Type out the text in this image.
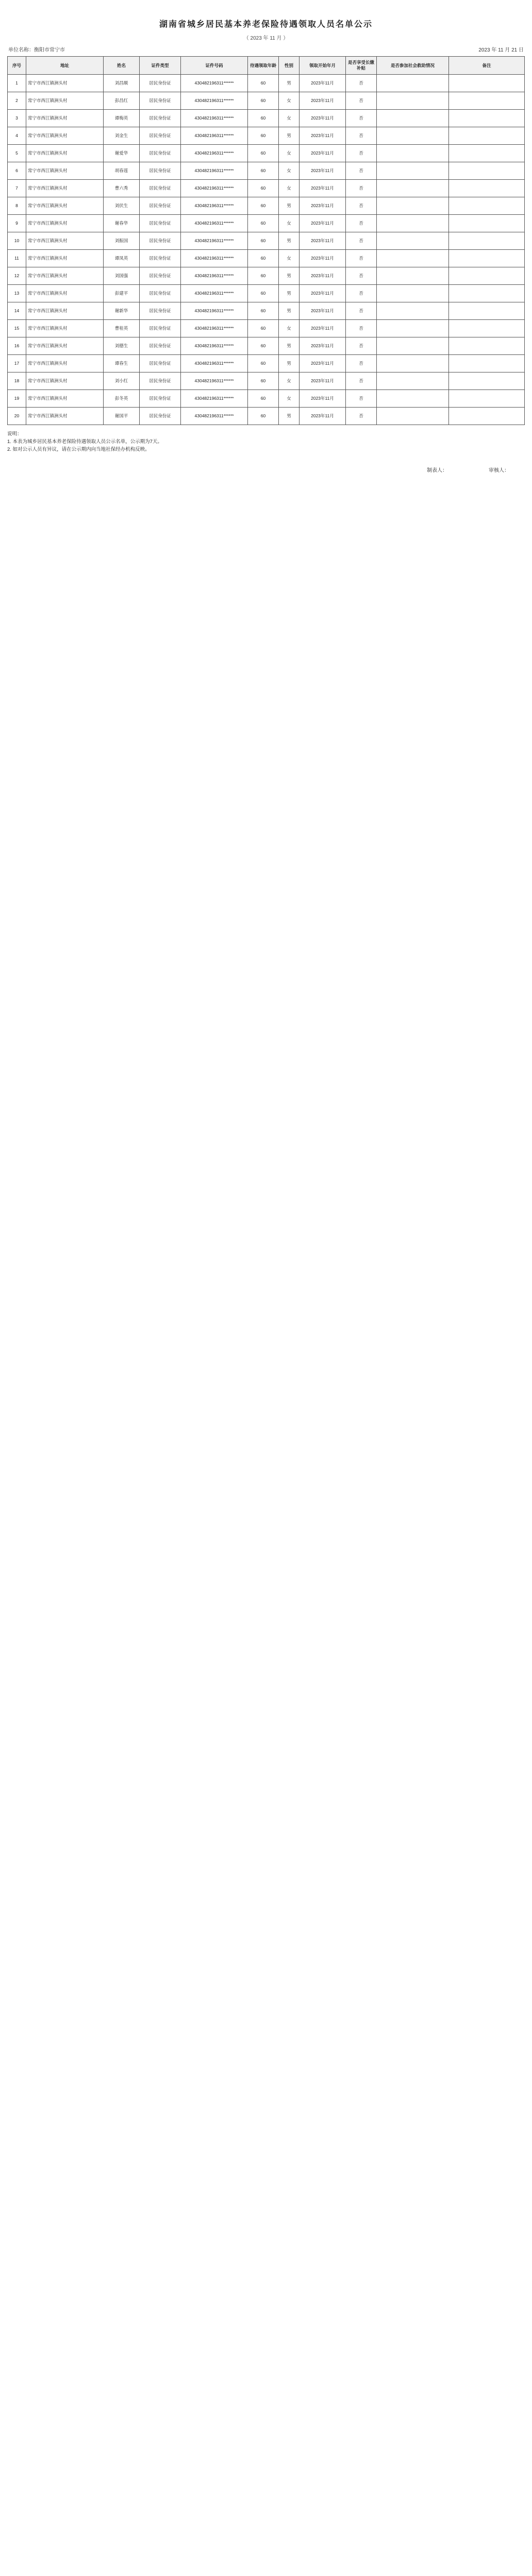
湖南省城乡居民基本养老保险待遇领取人员名单公示
（ 2023 年 11 月 ）
单位名称：衡阳市常宁市	2023 年 11 月 21 日
序号	地址	姓名	证件类型	证件号码	待遇领取年龄	性别	领取开始年月	是否享受长缴补贴	是否参加社会救助情况	备注
1	常宁市西江镇洲头村	刘昌顺	居民身份证	430482196311******	60	男	2023年11月	否		
2	常宁市西江镇洲头村	彭昌红	居民身份证	430482196311******	60	女	2023年11月	否		
3	常宁市西江镇洲头村	谭梅英	居民身份证	430482196311******	60	女	2023年11月	否		
4	常宁市西江镇洲头村	刘金生	居民身份证	430482196311******	60	男	2023年11月	否		
5	常宁市西江镇洲头村	谢爱华	居民身份证	430482196311******	60	女	2023年11月	否		
6	常宁市西江镇洲头村	胡春莲	居民身份证	430482196311******	60	女	2023年11月	否		
7	常宁市西江镇洲头村	曹六秀	居民身份证	430482196311******	60	女	2023年11月	否		
8	常宁市西江镇洲头村	刘伏生	居民身份证	430482196311******	60	男	2023年11月	否		
9	常宁市西江镇洲头村	谢春华	居民身份证	430482196311******	60	女	2023年11月	否		
10	常宁市西江镇洲头村	刘振国	居民身份证	430482196311******	60	男	2023年11月	否		
11	常宁市西江镇洲头村	谭凤英	居民身份证	430482196311******	60	女	2023年11月	否		
12	常宁市西江镇洲头村	刘国强	居民身份证	430482196311******	60	男	2023年11月	否		
13	常宁市西江镇洲头村	彭建平	居民身份证	430482196311******	60	男	2023年11月	否		
14	常宁市西江镇洲头村	谢新华	居民身份证	430482196311******	60	男	2023年11月	否		
15	常宁市西江镇洲头村	曹桂英	居民身份证	430482196311******	60	女	2023年11月	否		
16	常宁市西江镇洲头村	刘德生	居民身份证	430482196311******	60	男	2023年11月	否		
17	常宁市西江镇洲头村	谭春生	居民身份证	430482196311******	60	男	2023年11月	否		
18	常宁市西江镇洲头村	刘小红	居民身份证	430482196311******	60	女	2023年11月	否		
19	常宁市西江镇洲头村	彭冬英	居民身份证	430482196311******	60	女	2023年11月	否		
20	常宁市西江镇洲头村	谢国平	居民身份证	430482196311******	60	男	2023年11月	否		
说明：
1. 本表为城乡居民基本养老保险待遇领取人员公示名单，公示期为7天。
2. 如对公示人员有异议，请在公示期内向当地社保经办机构反映。
制表人：	审核人：
